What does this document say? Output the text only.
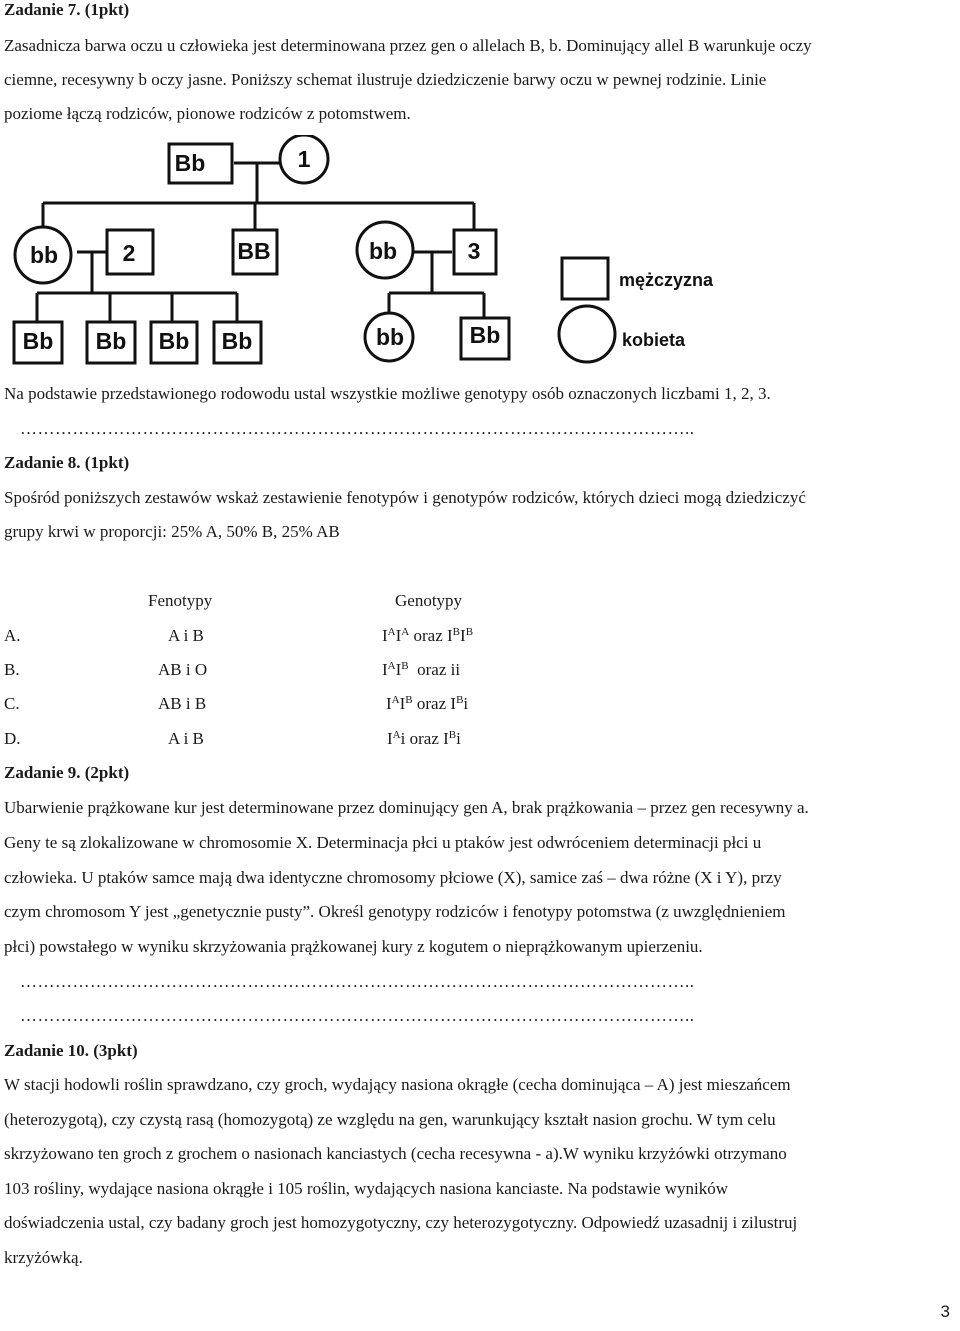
Zadanie 7. (1pkt)
Zasadnicza barwa oczu u człowieka jest determinowana przez gen o allelach B, b. Dominujący allel B warunkuje oczy
ciemne, recesywny b oczy jasne. Poniższy schemat ilustruje dziedziczenie barwy oczu w pewnej rodzinie. Linie
poziome łączą rodziców, pionowe rodziców z potomstwem.
Bb	1
bb	2	BB	bb	3
Bb Bb Bb Bb	bb	Bb
mężczyzna
kobieta
Na podstawie przedstawionego rodowodu ustal wszystkie możliwe genotypy osób oznaczonych liczbami 1, 2, 3.
……………………………………………………………………………………………………..
Zadanie 8. (1pkt)
Spośród poniższych zestawów wskaż zestawienie fenotypów i genotypów rodziców, których dzieci mogą dziedziczyć
grupy krwi w proporcji: 25% A, 50% B, 25% AB
Fenotypy	Genotypy
A.	A i B	$I^AI^A$ oraz $I^BI^B$
B.	AB i O	$I^AI^B$  oraz ii
C.	AB i B	$I^AI^B$ oraz $I^Bi$
D.	A i B	$I^Ai$ oraz $I^Bi$
Zadanie 9. (2pkt)
Ubarwienie prążkowane kur jest determinowane przez dominujący gen A, brak prążkowania – przez gen recesywny a.
Geny te są zlokalizowane w chromosomie X. Determinacja płci u ptaków jest odwróceniem determinacji płci u
człowieka. U ptaków samce mają dwa identyczne chromosomy płciowe (X), samice zaś – dwa różne (X i Y), przy
czym chromosom Y jest „genetycznie pusty”. Określ genotypy rodziców i fenotypy potomstwa (z uwzględnieniem
płci) powstałego w wyniku skrzyżowania prążkowanej kury z kogutem o nieprążkowanym upierzeniu.
……………………………………………………………………………………………………..
……………………………………………………………………………………………………..
Zadanie 10. (3pkt)
W stacji hodowli roślin sprawdzano, czy groch, wydający nasiona okrągłe (cecha dominująca – A) jest mieszańcem
(heterozygotą), czy czystą rasą (homozygotą) ze względu na gen, warunkujący kształt nasion grochu. W tym celu
skrzyżowano ten groch z grochem o nasionach kanciastych (cecha recesywna - a).W wyniku krzyżówki otrzymano
103 rośliny, wydające nasiona okrągłe i 105 roślin, wydających nasiona kanciaste. Na podstawie wyników
doświadczenia ustal, czy badany groch jest homozygotyczny, czy heterozygotyczny. Odpowiedź uzasadnij i zilustruj
krzyżówką.
3
